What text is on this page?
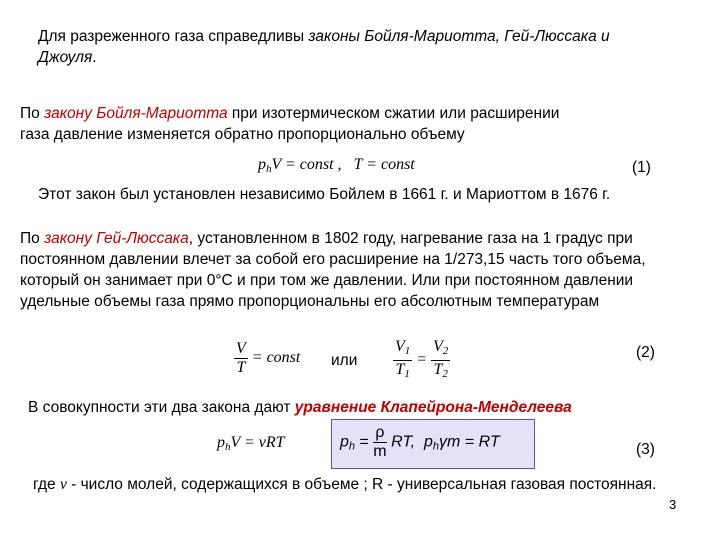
Для разреженного газа справедливы законы Бойля-Мариотта, Гей-Люссака и Джоуля.
По закону Бойля-Мариотта при изотермическом сжатии или расширении газа давление изменяется обратно пропорционально объему
$p_hV$ = const , T = const	(1)
Этот закон был установлен независимо Бойлем в 1661 г. и Мариоттом в 1676 г.
По закону Гей-Люссака, установленном в 1802 году, нагревание газа на 1 градус при постоянном давлении влечет за собой его расширение на 1/273,15 часть того объема, который он занимает при 0°С и при том же давлении. Или при постоянном давлении удельные объемы газа прямо пропорциональны его абсолютным температурам
$\frac{V}{T}$ = const или $\frac{V_1}{T_1} = \frac{V_2}{T_2}$	(2)
В совокупности эти два закона дают уравнение Клапейрона-Менделеева
$p_hV = \nu RT$	$p_h = \frac{\rho}{m}$ RT, $p_h\gamma m$ = RT	(3)
где ν - число молей, содержащихся в объеме ; R - универсальная газовая постоянная.
3
